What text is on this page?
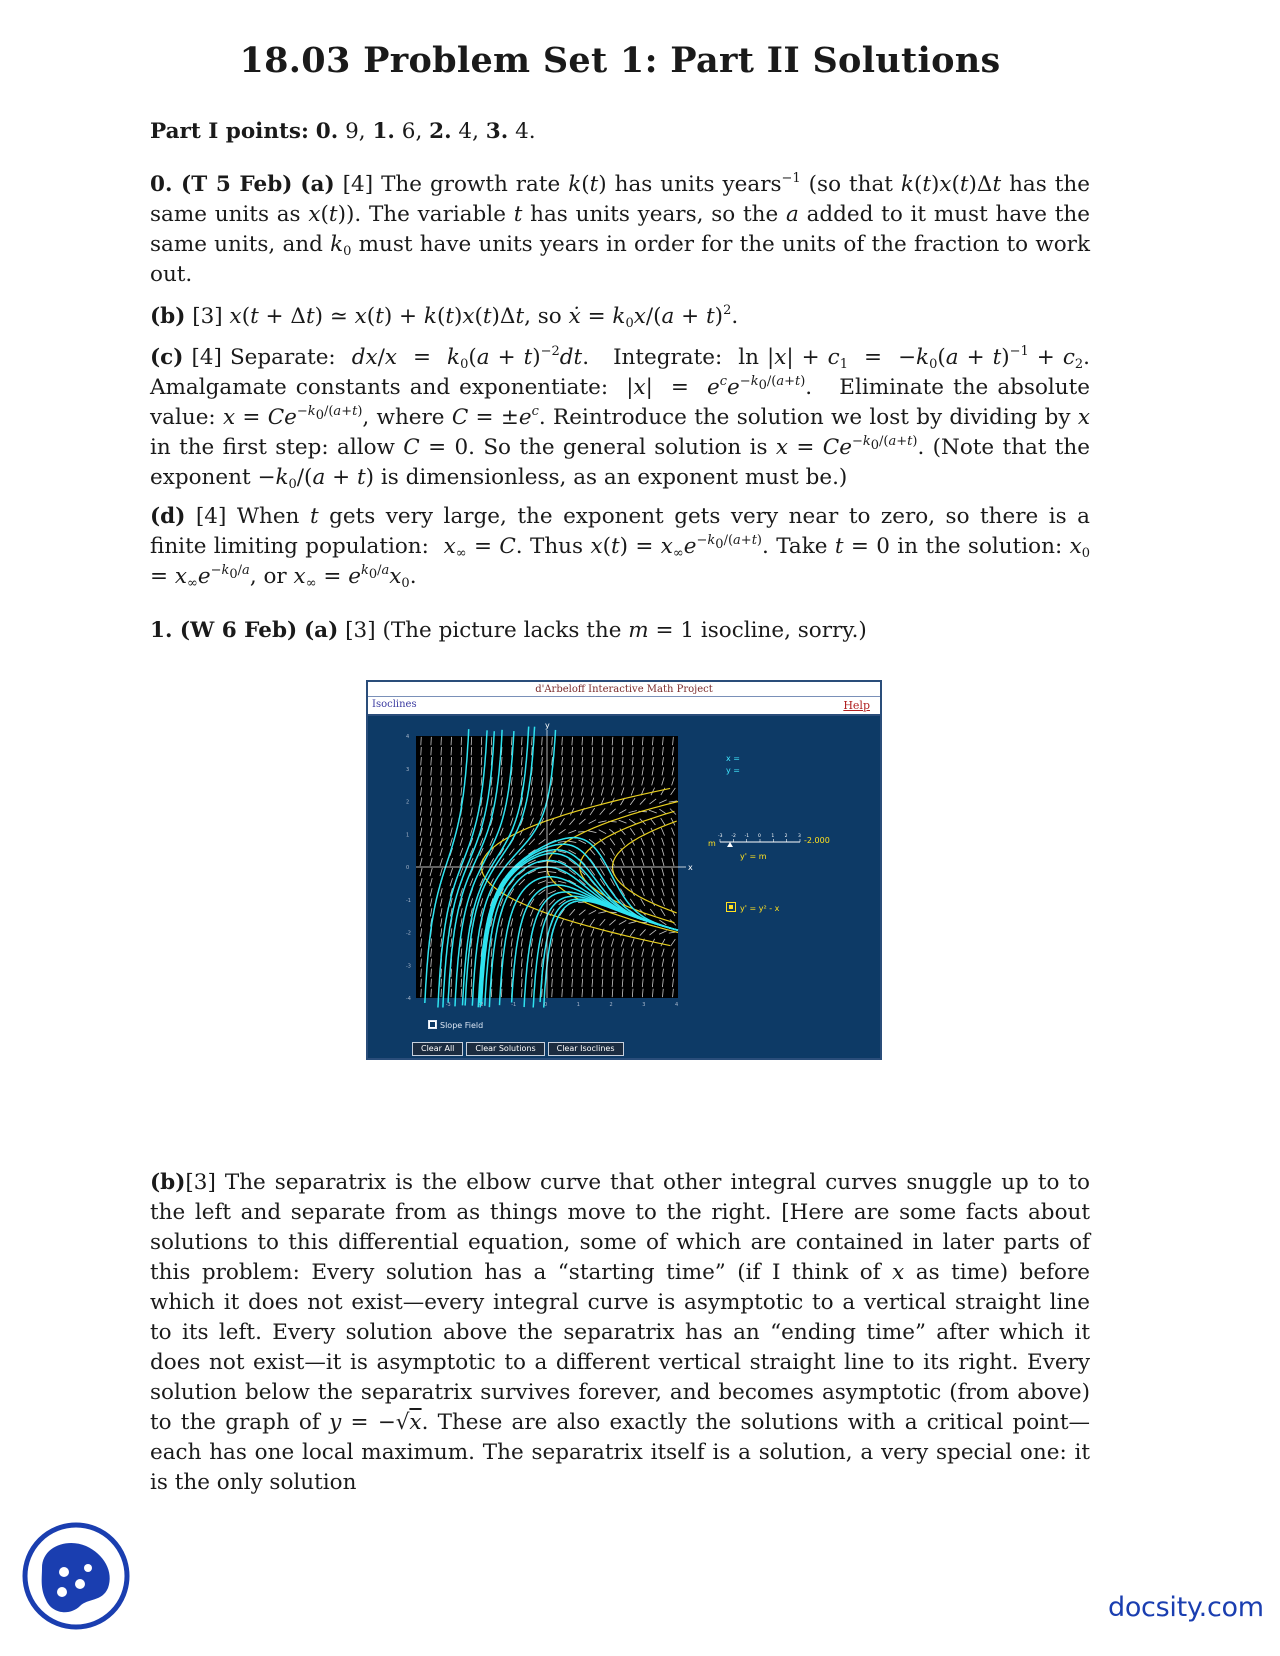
18.03 Problem Set 1: Part II Solutions
Part I points: 0. 9, 1. 6, 2. 4, 3. 4.
0. (T 5 Feb) (a) [4] The growth rate k(t) has units years$^{-1}$ (so that k(t)x(t)Δt has the same units as x(t)). The variable t has units years, so the a added to it must have the same units, and $k_0$ must have units years in order for the units of the fraction to work out.
(b) [3] x(t + Δt) ≃ x(t) + k(t)x(t)Δt, so ẋ = $k_0x/(a + t)^2$.
(c) [4] Separate: $dx/x = k_0(a + t)^{-2}dt$.   Integrate:  $\ln |x| + c_1 = -k_0(a + t)^{-1} + c_2$. Amalgamate constants and exponentiate:  $|x| = e^ce^{-k_0/(a+t)}$.   Eliminate the absolute value: $x = Ce^{-k_0/(a+t)}$, where $C = \pm e^c$. Reintroduce the solution we lost by dividing by x in the first step: allow C = 0. So the general solution is $x = Ce^{-k_0/(a+t)}$. (Note that the exponent $-k_0/(a + t)$ is dimensionless, as an exponent must be.)
(d) [4] When t gets very large, the exponent gets very near to zero, so there is a finite limiting population: $x_\infty = C$. Thus $x(t) = x_\infty e^{-k_0/(a+t)}$. Take t = 0 in the solution: $x_0 = x_\infty e^{-k_0/a}$, or $x_\infty = e^{k_0/a}x_0$.
1. (W 6 Feb) (a) [3] (The picture lacks the m = 1 isocline, sorry.)
d'Arbeloff Interactive Math Project
Isoclines	Help
x
y
4
3
2
1
0
-1
-2
-3
-4
-3	-2	-1	0	1	2	3	4
m
-3 -2 -1 0 1 2 3
x =
y =
-2.000
y' = m
y' = y² - x
Slope Field
Clear All	Clear Solutions	Clear Isoclines
(b)[3] The separatrix is the elbow curve that other integral curves snuggle up to to the left and separate from as things move to the right. [Here are some facts about solutions to this differential equation, some of which are contained in later parts of this problem: Every solution has a “starting time” (if I think of x as time) before which it does not exist—every integral curve is asymptotic to a vertical straight line to its left. Every solution above the separatrix has an “ending time” after which it does not exist—it is asymptotic to a different vertical straight line to its right. Every solution below the separatrix survives forever, and becomes asymptotic (from above) to the graph of y = −√x. These are also exactly the solutions with a critical point—each has one local maximum. The separatrix itself is a solution, a very special one: it is the only solution
docsity.com
